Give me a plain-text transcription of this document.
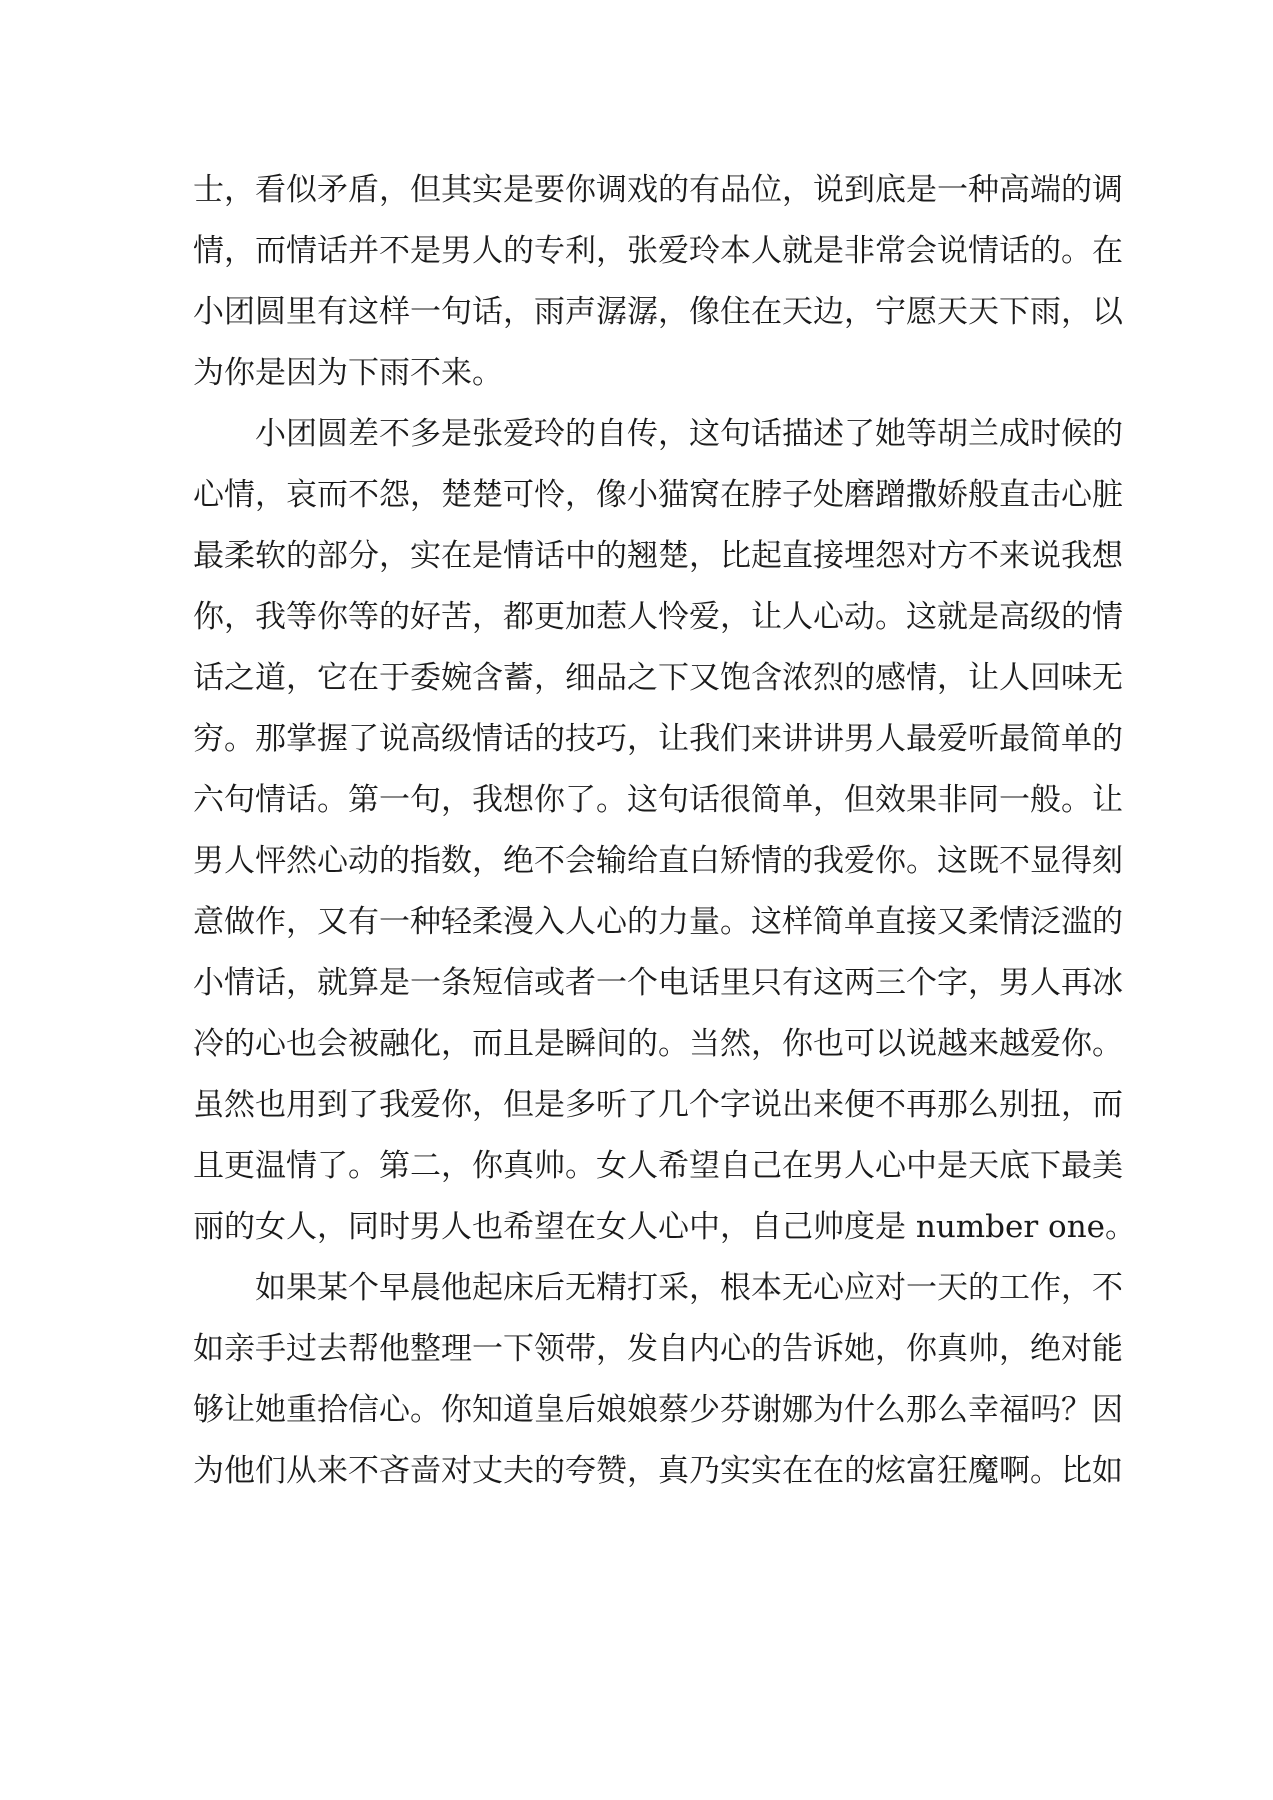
士，看似矛盾，但其实是要你调戏的有品位，说到底是一种高端的调
情，而情话并不是男人的专利，张爱玲本人就是非常会说情话的。在
小团圆里有这样一句话，雨声潺潺，像住在天边，宁愿天天下雨，以
为你是因为下雨不来。
小团圆差不多是张爱玲的自传，这句话描述了她等胡兰成时候的
心情，哀而不怨，楚楚可怜，像小猫窝在脖子处磨蹭撒娇般直击心脏
最柔软的部分，实在是情话中的翘楚，比起直接埋怨对方不来说我想
你，我等你等的好苦，都更加惹人怜爱，让人心动。这就是高级的情
话之道，它在于委婉含蓄，细品之下又饱含浓烈的感情，让人回味无
穷。那掌握了说高级情话的技巧，让我们来讲讲男人最爱听最简单的
六句情话。第一句，我想你了。这句话很简单，但效果非同一般。让
男人怦然心动的指数，绝不会输给直白矫情的我爱你。这既不显得刻
意做作，又有一种轻柔漫入人心的力量。这样简单直接又柔情泛滥的
小情话，就算是一条短信或者一个电话里只有这两三个字，男人再冰
冷的心也会被融化，而且是瞬间的。当然，你也可以说越来越爱你。
虽然也用到了我爱你，但是多听了几个字说出来便不再那么别扭，而
且更温情了。第二，你真帅。女人希望自己在男人心中是天底下最美
丽的女人，同时男人也希望在女人心中，自己帅度是 number one。
如果某个早晨他起床后无精打采，根本无心应对一天的工作，不
如亲手过去帮他整理一下领带，发自内心的告诉她，你真帅，绝对能
够让她重拾信心。你知道皇后娘娘蔡少芬谢娜为什么那么幸福吗？因
为他们从来不吝啬对丈夫的夸赞，真乃实实在在的炫富狂魔啊。比如
